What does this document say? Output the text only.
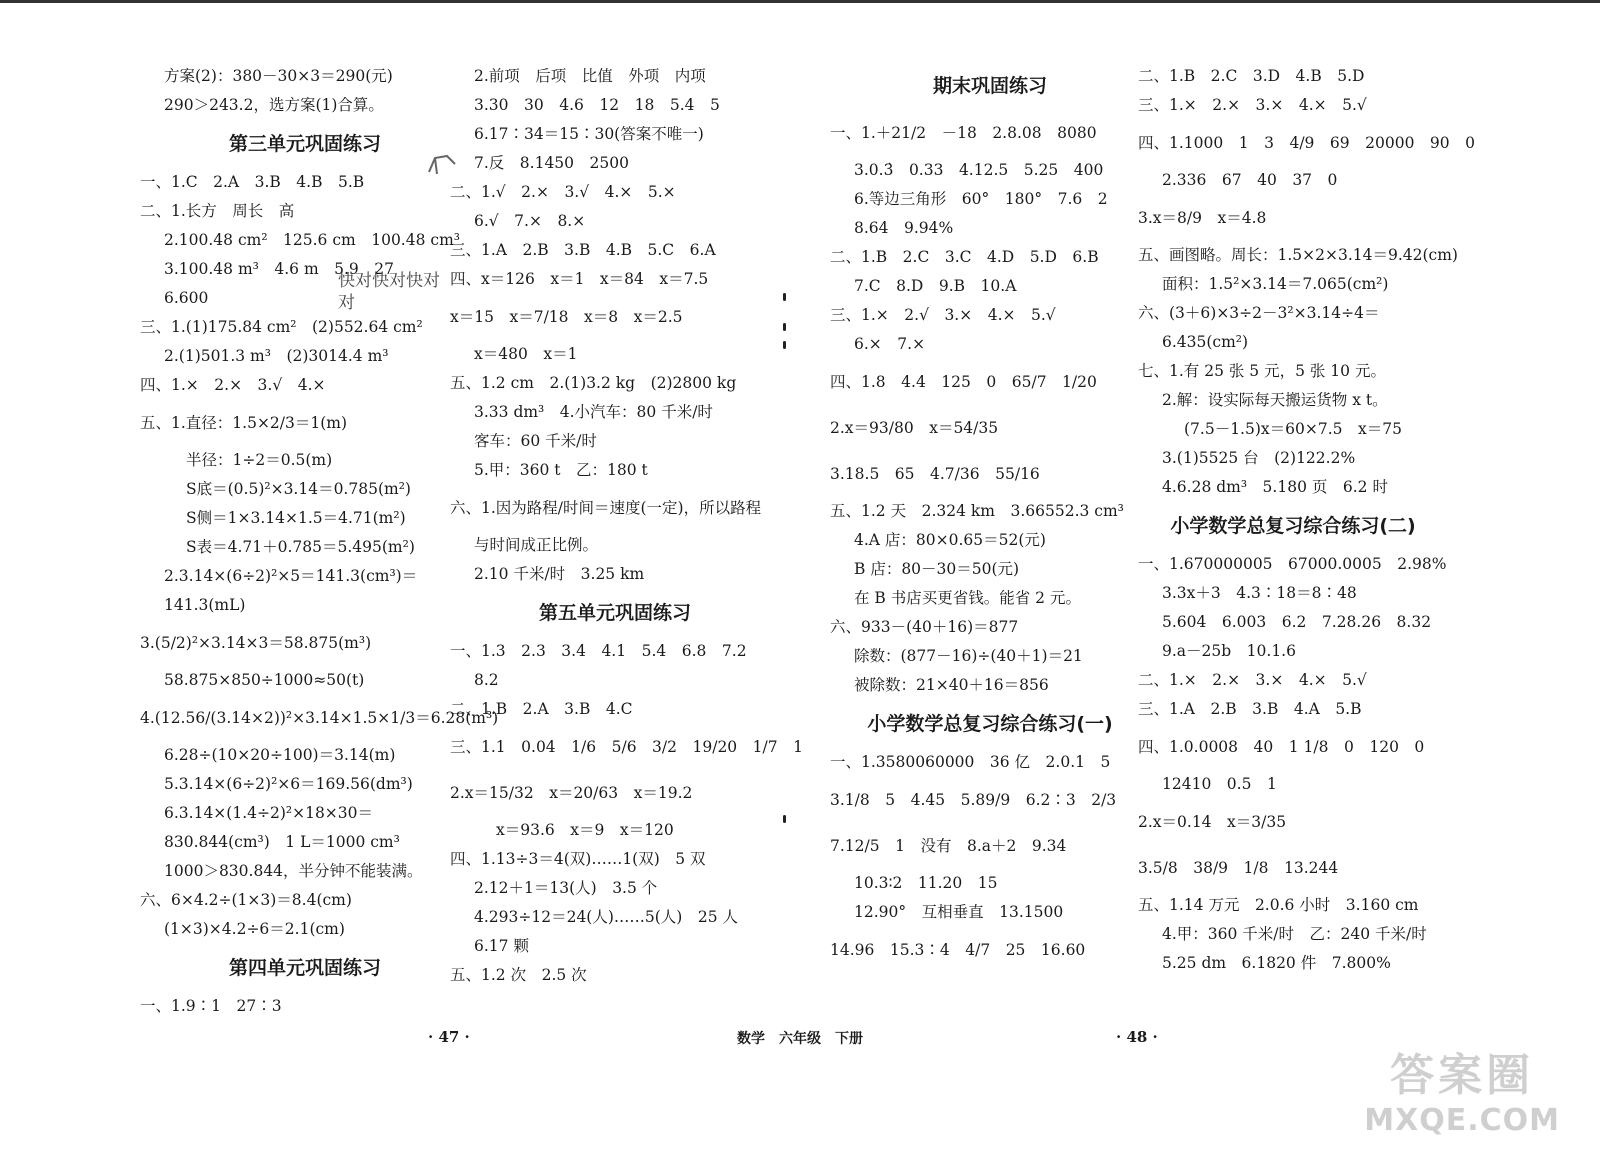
方案(2)：380－30×3＝290(元)
290＞243.2，选方案(1)合算。
第三单元巩固练习
一、1.C　2.A　3.B　4.B　5.B
二、1.长方　周长　高
2.100.48 cm²　125.6 cm　100.48 cm³
3.100.48 m³　4.6 m　5.9　27
6.600
三、1.(1)175.84 cm²　(2)552.64 cm²
2.(1)501.3 m³　(2)3014.4 m³
四、1.×　2.×　3.√　4.×
五、1.直径：1.5×2/3＝1(m)
半径：1÷2＝0.5(m)
S底＝(0.5)²×3.14＝0.785(m²)
S侧＝1×3.14×1.5＝4.71(m²)
S表＝4.71＋0.785＝5.495(m²)
2.3.14×(6÷2)²×5＝141.3(cm³)＝
141.3(mL)
3.(5/2)²×3.14×3＝58.875(m³)
58.875×850÷1000≈50(t)
4.(12.56/(3.14×2))²×3.14×1.5×1/3＝6.28(m³)
6.28÷(10×20÷100)＝3.14(m)
5.3.14×(6÷2)²×6＝169.56(dm³)
6.3.14×(1.4÷2)²×18×30＝
830.844(cm³)　1 L＝1000 cm³
1000＞830.844，半分钟不能装满。
六、6×4.2÷(1×3)＝8.4(cm)
(1×3)×4.2÷6＝2.1(cm)
第四单元巩固练习
一、1.9∶1　27∶3
2.前项　后项　比值　外项　内项
3.30　30　4.6　12　18　5.4　5
6.17∶34＝15∶30(答案不唯一)
7.反　8.1450　2500
二、1.√　2.×　3.√　4.×　5.×
6.√　7.×　8.×
三、1.A　2.B　3.B　4.B　5.C　6.A
四、x＝126　x＝1　x＝84　x＝7.5
x＝15　x＝7/18　x＝8　x＝2.5
x＝480　x＝1
五、1.2 cm　2.(1)3.2 kg　(2)2800 kg
3.33 dm³　4.小汽车：80 千米/时
客车：60 千米/时
5.甲：360 t　乙：180 t
六、1.因为路程/时间＝速度(一定)，所以路程
与时间成正比例。
2.10 千米/时　3.25 km
第五单元巩固练习
一、1.3　2.3　3.4　4.1　5.4　6.8　7.2
8.2
二、1.B　2.A　3.B　4.C
三、1.1　0.04　1/6　5/6　3/2　19/20　1/7　1
2.x＝15/32　x＝20/63　x＝19.2
x＝93.6　x＝9　x＝120
四、1.13÷3＝4(双)……1(双)　5 双
2.12＋1＝13(人)　3.5 个
4.293÷12＝24(人)……5(人)　25 人
6.17 颗
五、1.2 次　2.5 次
期末巩固练习
一、1.＋21/2　－18　2.8.08　8080
3.0.3̇　0.33　4.12.5　5.25　400
6.等边三角形　60°　180°　7.6　2
8.64　9.94%
二、1.B　2.C　3.C　4.D　5.D　6.B
7.C　8.D　9.B　10.A
三、1.×　2.√　3.×　4.×　5.√
6.×　7.×
四、1.8　4.4　125　0　65/7　1/20
2.x＝93/80　x＝54/35
3.18.5　65　4.7/36　55/16
五、1.2 天　2.324 km　3.66552.3 cm³
4.A 店：80×0.65＝52(元)
B 店：80－30＝50(元)
在 B 书店买更省钱。能省 2 元。
六、933－(40＋16)＝877
除数：(877－16)÷(40＋1)＝21
被除数：21×40＋16＝856
小学数学总复习综合练习(一)
一、1.3580060000　36 亿　2.0.1　5
3.1/8　5　4.45　5.89/9　6.2∶3　2/3
7.12/5　1　没有　8.a＋2　9.34
10.3∶2　11.20　15
12.90°　互相垂直　13.1500
14.96　15.3∶4　4/7　25　16.60
二、1.B　2.C　3.D　4.B　5.D
三、1.×　2.×　3.×　4.×　5.√
四、1.1000　1　3　4/9　69　20000　90　0
2.336　67　40　37　0
3.x＝8/9　x＝4.8
五、画图略。周长：1.5×2×3.14＝9.42(cm)
面积：1.5²×3.14＝7.065(cm²)
六、(3＋6)×3÷2－3²×3.14÷4＝
6.435(cm²)
七、1.有 25 张 5 元，5 张 10 元。
2.解：设实际每天搬运货物 x t。
(7.5－1.5)x＝60×7.5　x＝75
3.(1)5525 台　(2)122.2%
4.6.28 dm³　5.180 页　6.2 时
小学数学总复习综合练习(二)
一、1.670000005　67000.0005　2.98%
3.3x＋3　4.3∶18＝8∶48
5.604　6.003　6.2　7.28.26　8.32
9.a－25b　10.1.6
二、1.×　2.×　3.×　4.×　5.√
三、1.A　2.B　3.B　4.A　5.B
四、1.0.0008　40　1 1/8　0　120　0
12410　0.5　1
2.x＝0.14　x＝3/35
3.5/8　38/9　1/8　13.244
五、1.14 万元　2.0.6 小时　3.160 cm
4.甲：360 千米/时　乙：240 千米/时
5.25 dm　6.1820 件　7.800%
快对快对快对
对
· 47 ·	数学　六年级　下册	· 48 ·
答案圈
MXQE.COM
